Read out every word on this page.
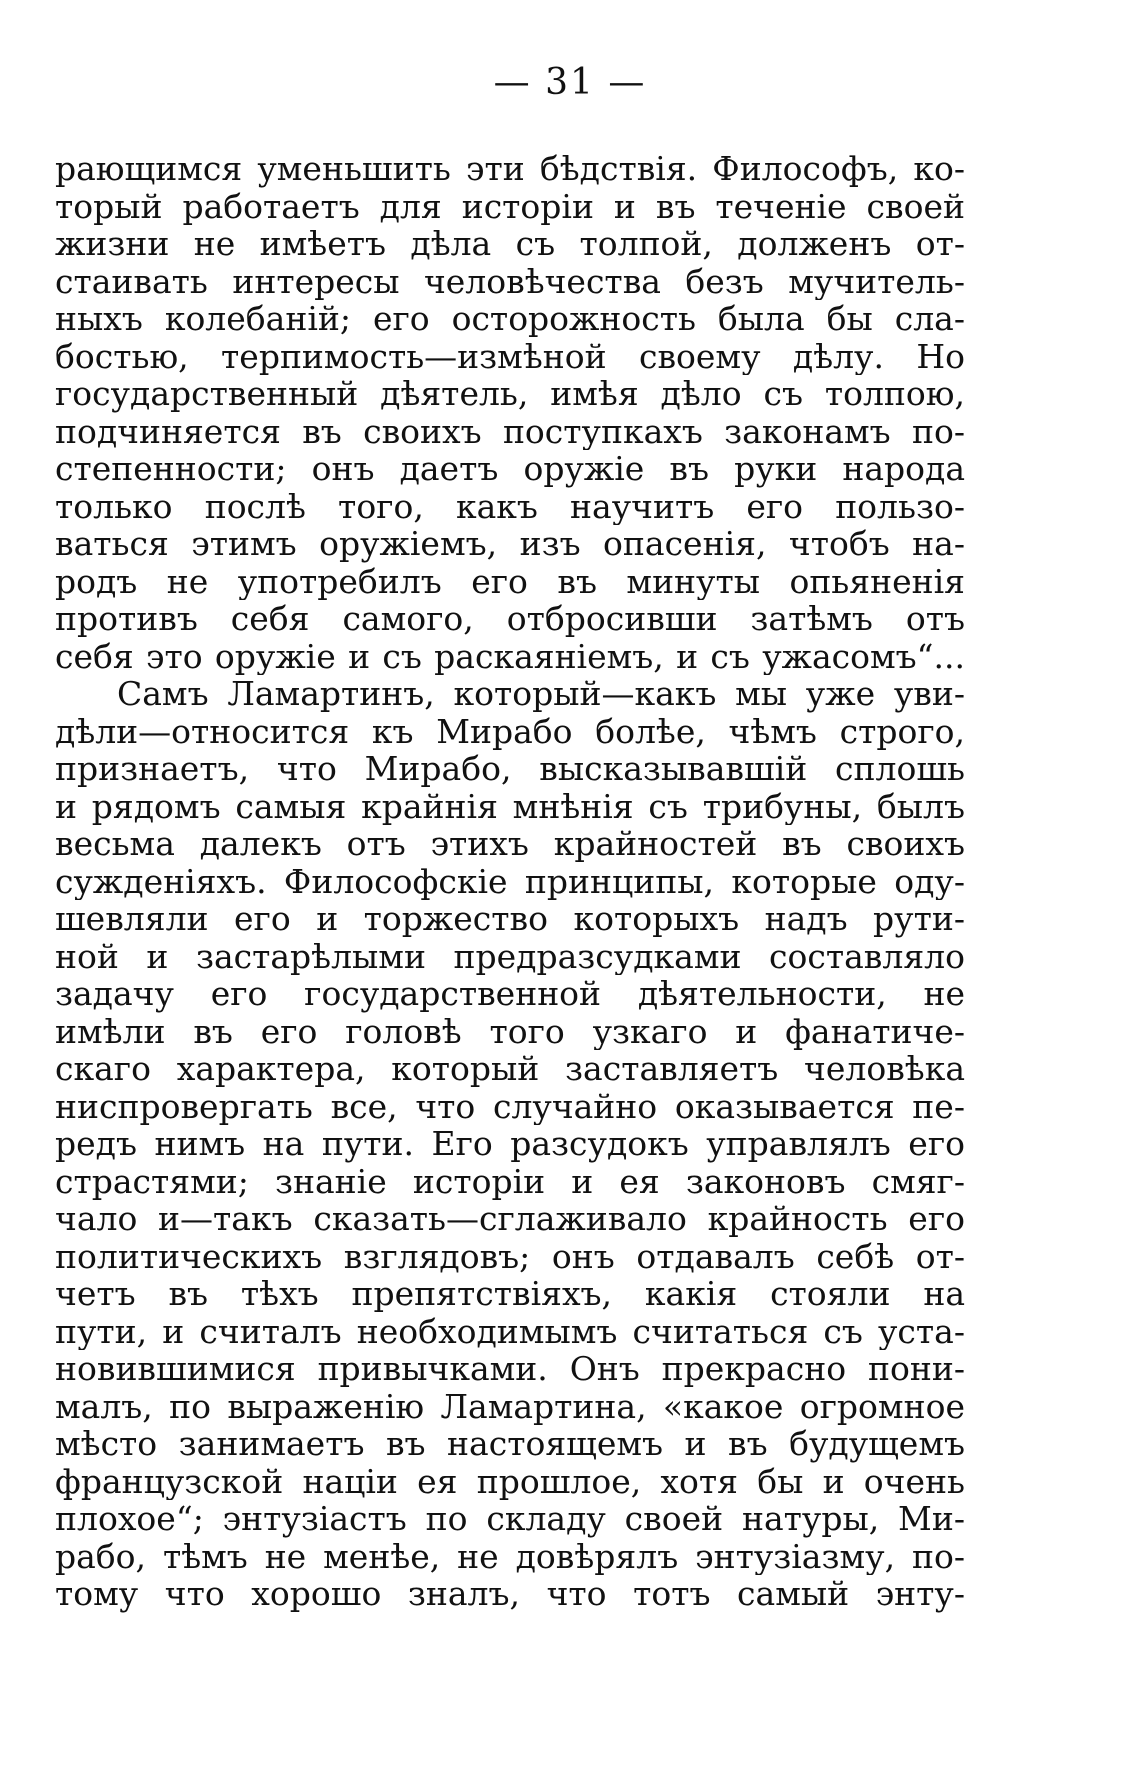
— 31 —
рающимся уменьшить эти бѣдствія. Философъ, ко-
торый работаетъ для исторіи и въ теченіе своей
жизни не имѣетъ дѣла съ толпой, долженъ от-
стаивать интересы человѣчества безъ мучитель-
ныхъ колебаній; его осторожность была бы сла-
бостью, терпимость—измѣной своему дѣлу. Но
государственный дѣятель, имѣя дѣло съ толпою,
подчиняется въ своихъ поступкахъ законамъ по-
степенности; онъ даетъ оружіе въ руки народа
только послѣ того, какъ научитъ его пользо-
ваться этимъ оружіемъ, изъ опасенія, чтобъ на-
родъ не употребилъ его въ минуты опьяненія
противъ себя самого, отбросивши затѣмъ отъ
себя это оружіе и съ раскаяніемъ, и съ ужасомъ“...
Самъ Ламартинъ, который—какъ мы уже уви-
дѣли—относится къ Мирабо болѣе, чѣмъ строго,
признаетъ, что Мирабо, высказывавшій сплошь
и рядомъ самыя крайнія мнѣнія съ трибуны, былъ
весьма далекъ отъ этихъ крайностей въ своихъ
сужденіяхъ. Философскіе принципы, которые оду-
шевляли его и торжество которыхъ надъ рути-
ной и застарѣлыми предразсудками составляло
задачу его государственной дѣятельности, не
имѣли въ его головѣ того узкаго и фанатиче-
скаго характера, который заставляетъ человѣка
ниспровергать все, что случайно оказывается пе-
редъ нимъ на пути. Его разсудокъ управлялъ его
страстями; знаніе исторіи и ея законовъ смяг-
чало и—такъ сказать—сглаживало крайность его
политическихъ взглядовъ; онъ отдавалъ себѣ от-
четъ въ тѣхъ препятствіяхъ, какія стояли на
пути, и считалъ необходимымъ считаться съ уста-
новившимися привычками. Онъ прекрасно пони-
малъ, по выраженію Ламартина, «какое огромное
мѣсто занимаетъ въ настоящемъ и въ будущемъ
французской націи ея прошлое, хотя бы и очень
плохое“; энтузіастъ по складу своей натуры, Ми-
рабо, тѣмъ не менѣе, не довѣрялъ энтузіазму, по-
тому что хорошо зналъ, что тотъ самый энту-
